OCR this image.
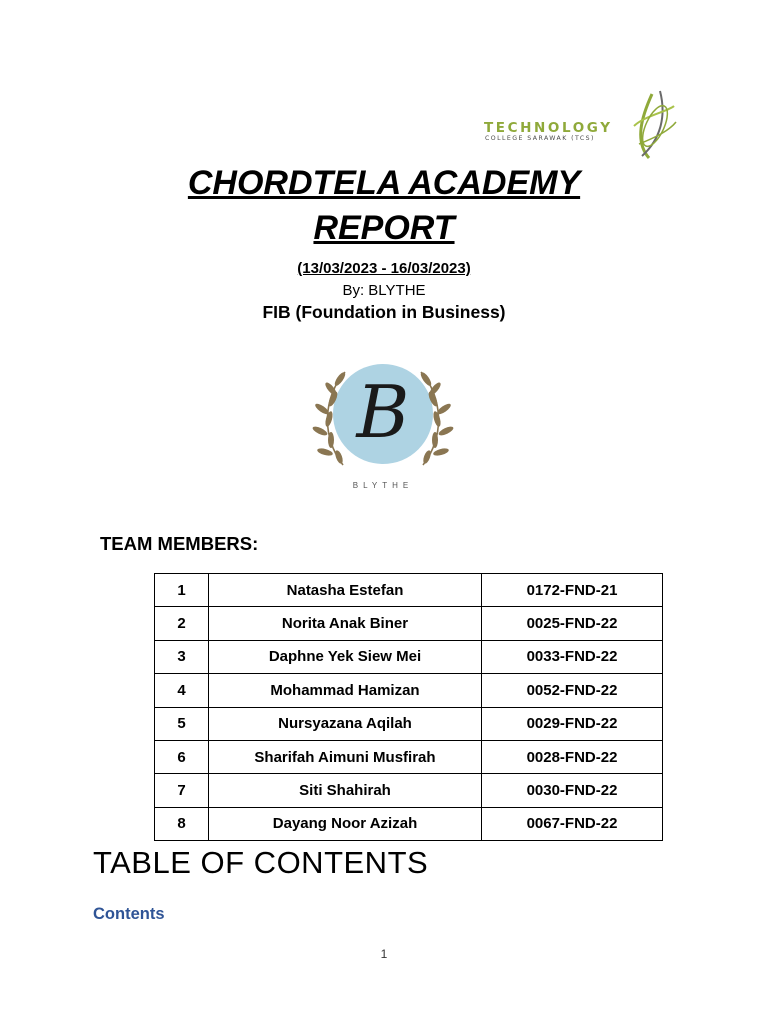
TECHNOLOGY
COLLEGE SARAWAK (TCS)
CHORDTELA ACADEMY
REPORT
(13/03/2023 - 16/03/2023)
By: BLYTHE
FIB (Foundation in Business)
B
BLYTHE
TEAM MEMBERS:
1	Natasha Estefan	0172-FND-21
2	Norita Anak Biner	0025-FND-22
3	Daphne Yek Siew Mei	0033-FND-22
4	Mohammad Hamizan	0052-FND-22
5	Nursyazana Aqilah	0029-FND-22
6	Sharifah Aimuni Musfirah	0028-FND-22
7	Siti Shahirah	0030-FND-22
8	Dayang Noor Azizah	0067-FND-22
TABLE OF CONTENTS
Contents
1
